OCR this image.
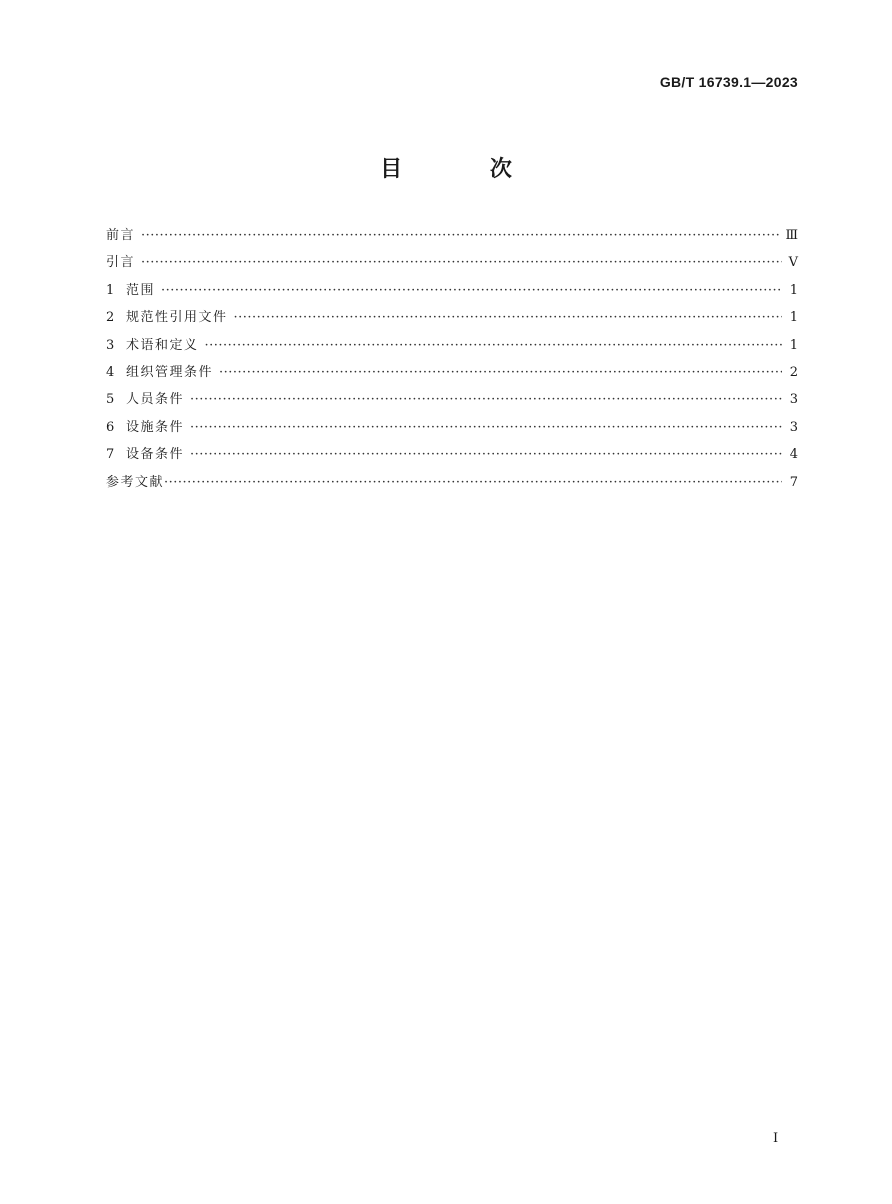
GB/T 16739.1—2023
目 次
前言 ·····	Ⅲ
引言 ·····	Ⅴ
1 范围 ·····	1
2 规范性引用文件 ·····	1
3 术语和定义 ·····	1
4 组织管理条件 ·····	2
5 人员条件 ·····	3
6 设施条件 ·····	3
7 设备条件 ·····	4
参考文献 ·····	7
Ⅰ
